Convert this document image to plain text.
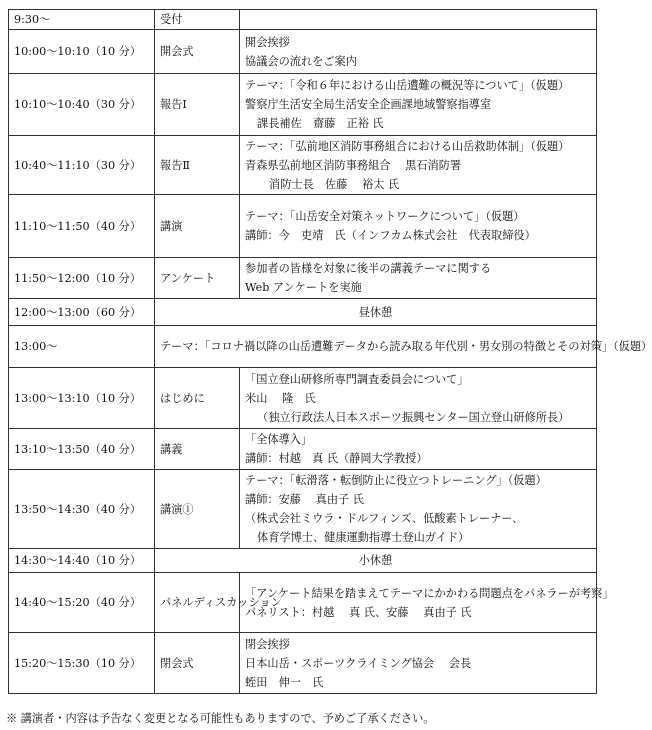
9:30～	受付	
10:00～10:10（10 分）	開会式	開会挨拶
協議会の流れをご案内

10:10～10:40（30 分）	報告Ⅰ	テーマ：「令和６年における山岳遭難の概況等について」（仮題）
警察庁生活安全局生活安全企画課地域警察指導室
課長補佐　齋藤　正裕 氏

10:40～11:10（30 分）	報告Ⅱ	テーマ：「弘前地区消防事務組合における山岳救助体制」（仮題）
青森県弘前地区消防事務組合　 黒石消防署
消防士長　佐藤　 裕太 氏

11:10～11:50（40 分）	講演	テーマ：「山岳安全対策ネットワークについて」（仮題）
講師：今　吏靖　氏（インフカム株式会社　代表取締役）

11:50～12:00（10 分）	アンケート	参加者の皆様を対象に後半の講義テーマに関する
Web アンケートを実施

12:00～13:00（60 分）	昼休憩	
13:00～	テーマ：「コロナ禍以降の山岳遭難データから読み取る年代別・男女別の特徴とその対策」（仮題）	
13:00～13:10（10 分）	はじめに	「国立登山研修所専門調査委員会について」
米山　 隆　氏
（独立行政法人日本スポーツ振興センター国立登山研修所長）

13:10～13:50（40 分）	講義	「全体導入」
講師：村越　真 氏（静岡大学教授）

13:50～14:30（40 分）	講演①	テーマ：「転滑落・転倒防止に役立つトレーニング」（仮題）
講師：安藤　 真由子 氏
（株式会社ミウラ・ドルフィンズ、低酸素トレーナー、
体育学博士、健康運動指導士登山ガイド）

14:30～14:40（10 分）	小休憩	
14:40～15:20（40 分）	パネルディスカッション	「アンケート結果を踏まえてテーマにかかわる問題点をパネラーが考察」
パネリスト：村越　 真 氏、安藤　 真由子 氏

15:20～15:30（10 分）	閉会式	閉会挨拶
日本山岳・スポーツクライミング協会　 会長
蛭田　伸一　氏
※ 講演者・内容は予告なく変更となる可能性もありますので、予めご了承ください。
